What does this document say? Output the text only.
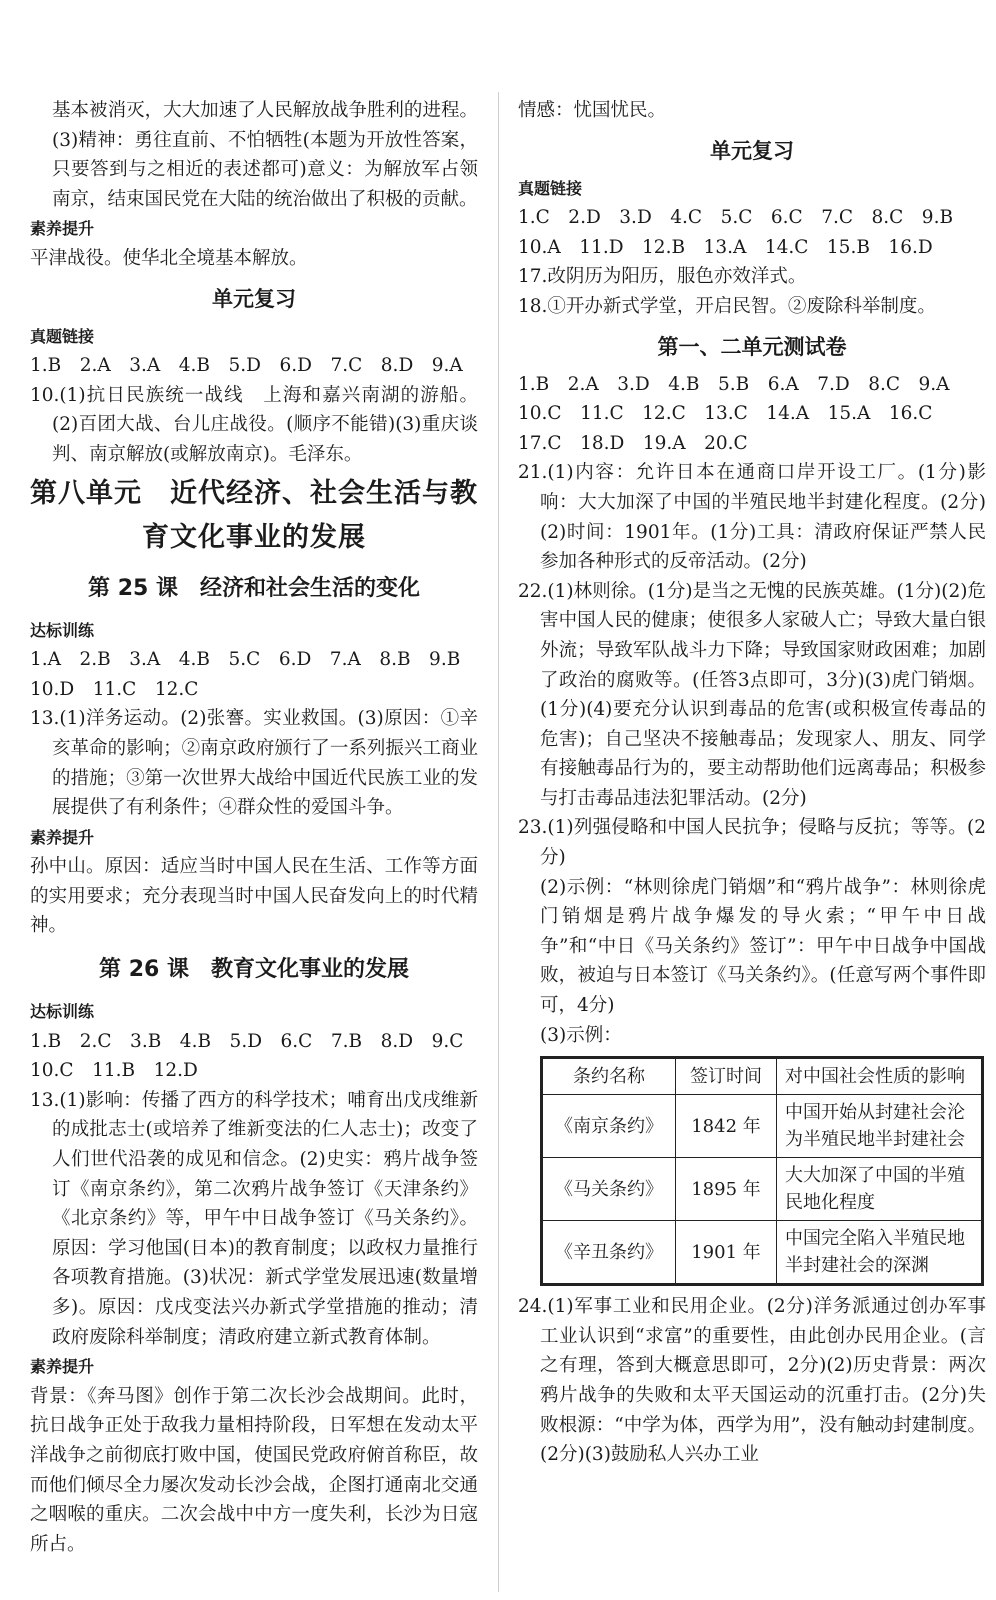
基本被消灭，大大加速了人民解放战争胜利的进程。(3)精神：勇往直前、不怕牺牲(本题为开放性答案，只要答到与之相近的表述都可)意义：为解放军占领南京，结束国民党在大陆的统治做出了积极的贡献。

素养提升

平津战役。使华北全境基本解放。

单元复习

真题链接

1.B　2.A　3.A　4.B　5.D　6.D　7.C　8.D　9.A

10.(1)抗日民族统一战线　上海和嘉兴南湖的游船。(2)百团大战、台儿庄战役。(顺序不能错)(3)重庆谈判、南京解放(或解放南京)。毛泽东。

第八单元　近代经济、社会生活与教育文化事业的发展
第 25 课　经济和社会生活的变化

达标训练

1.A　2.B　3.A　4.B　5.C　6.D　7.A　8.B　9.B

10.D　11.C　12.C

13.(1)洋务运动。(2)张謇。实业救国。(3)原因：①辛亥革命的影响；②南京政府颁行了一系列振兴工商业的措施；③第一次世界大战给中国近代民族工业的发展提供了有利条件；④群众性的爱国斗争。

素养提升

孙中山。原因：适应当时中国人民在生活、工作等方面的实用要求；充分表现当时中国人民奋发向上的时代精神。

第 26 课　教育文化事业的发展

达标训练

1.B　2.C　3.B　4.B　5.D　6.C　7.B　8.D　9.C

10.C　11.B　12.D

13.(1)影响：传播了西方的科学技术；哺育出戊戌维新的成批志士(或培养了维新变法的仁人志士)；改变了人们世代沿袭的成见和信念。(2)史实：鸦片战争签订《南京条约》，第二次鸦片战争签订《天津条约》《北京条约》等，甲午中日战争签订《马关条约》。原因：学习他国(日本)的教育制度；以政权力量推行各项教育措施。(3)状况：新式学堂发展迅速(数量增多)。原因：戊戌变法兴办新式学堂措施的推动；清政府废除科举制度；清政府建立新式教育体制。

素养提升

背景：《奔马图》创作于第二次长沙会战期间。此时，抗日战争正处于敌我力量相持阶段，日军想在发动太平洋战争之前彻底打败中国，使国民党政府俯首称臣，故而他们倾尽全力屡次发动长沙会战，企图打通南北交通之咽喉的重庆。二次会战中中方一度失利，长沙为日寇所占。

情感：忧国忧民。

单元复习

真题链接

1.C　2.D　3.D　4.C　5.C　6.C　7.C　8.C　9.B

10.A　11.D　12.B　13.A　14.C　15.B　16.D

17.改阴历为阳历，服色亦效洋式。

18.①开办新式学堂，开启民智。②废除科举制度。

第一、二单元测试卷

1.B　2.A　3.D　4.B　5.B　6.A　7.D　8.C　9.A

10.C　11.C　12.C　13.C　14.A　15.A　16.C

17.C　18.D　19.A　20.C

21.(1)内容：允许日本在通商口岸开设工厂。(1分)影响：大大加深了中国的半殖民地半封建化程度。(2分)(2)时间：1901年。(1分)工具：清政府保证严禁人民参加各种形式的反帝活动。(2分)

22.(1)林则徐。(1分)是当之无愧的民族英雄。(1分)(2)危害中国人民的健康；使很多人家破人亡；导致大量白银外流；导致军队战斗力下降；导致国家财政困难；加剧了政治的腐败等。(任答3点即可，3分)(3)虎门销烟。(1分)(4)要充分认识到毒品的危害(或积极宣传毒品的危害)；自己坚决不接触毒品；发现家人、朋友、同学有接触毒品行为的，要主动帮助他们远离毒品；积极参与打击毒品违法犯罪活动。(2分)

23.(1)列强侵略和中国人民抗争；侵略与反抗；等等。(2分)

(2)示例：“林则徐虎门销烟”和“鸦片战争”：林则徐虎门销烟是鸦片战争爆发的导火索；“甲午中日战争”和“中日《马关条约》签订”：甲午中日战争中国战败，被迫与日本签订《马关条约》。(任意写两个事件即可，4分)

(3)示例：

条约名称	签订时间	对中国社会性质的影响
《南京条约》	1842 年	中国开始从封建社会沦为半殖民地半封建社会
《马关条约》	1895 年	大大加深了中国的半殖民地化程度
《辛丑条约》	1901 年	中国完全陷入半殖民地半封建社会的深渊

24.(1)军事工业和民用企业。(2分)洋务派通过创办军事工业认识到“求富”的重要性，由此创办民用企业。(言之有理，答到大概意思即可，2分)(2)历史背景：两次鸦片战争的失败和太平天国运动的沉重打击。(2分)失败根源：“中学为体，西学为用”，没有触动封建制度。(2分)(3)鼓励私人兴办工业
